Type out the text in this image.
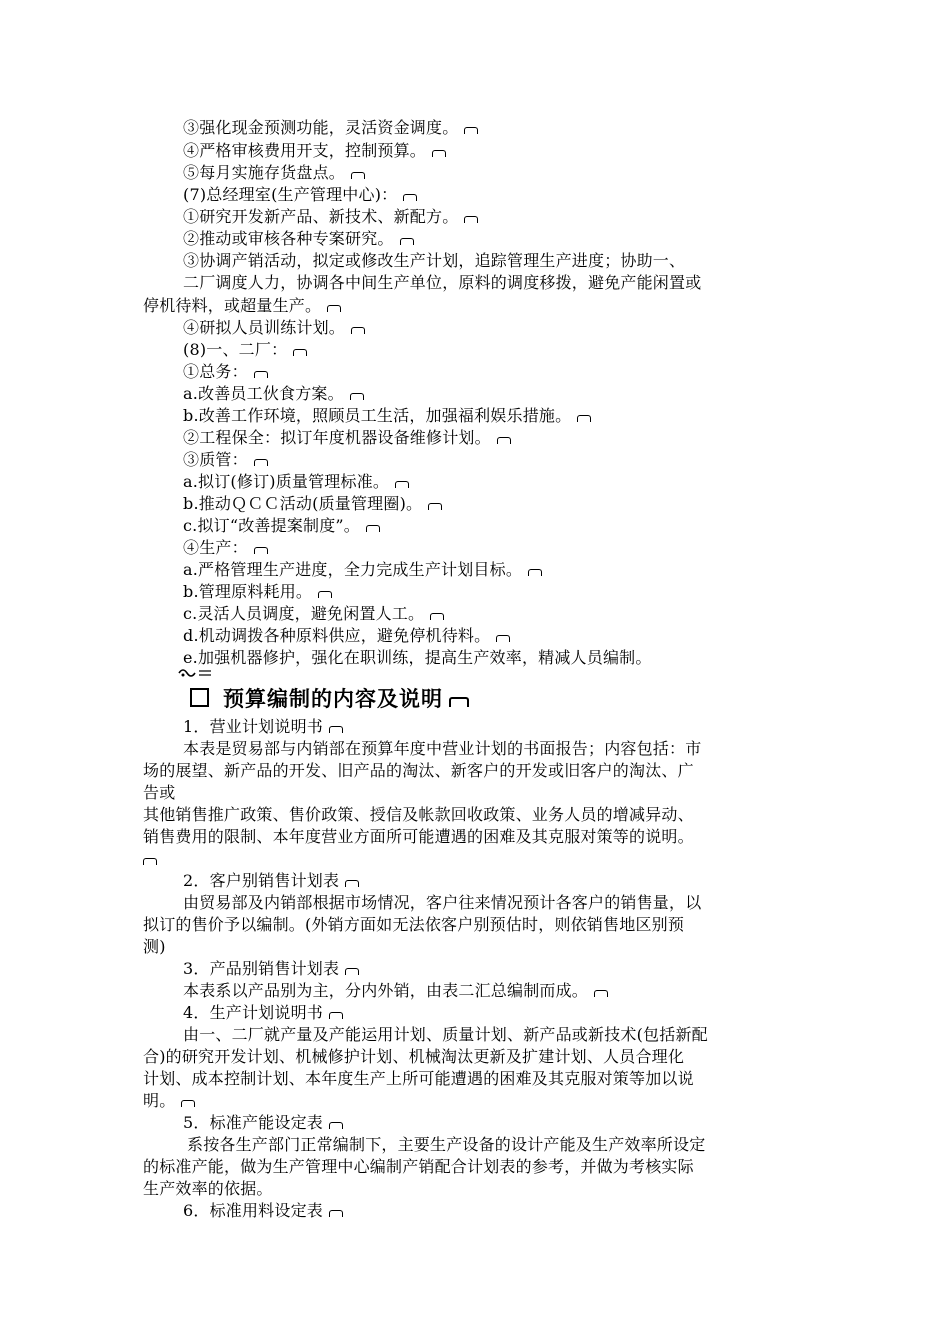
③强化现金预测功能，灵活资金调度。
④严格审核费用开支，控制预算。
⑤每月实施存货盘点。
(7)总经理室(生产管理中心)：
①研究开发新产品、新技术、新配方。
②推动或审核各种专案研究。
③协调产销活动，拟定或修改生产计划，追踪管理生产进度；协助一、
二厂调度人力，协调各中间生产单位，原料的调度移拨，避免产能闲置或
停机待料，或超量生产。
④研拟人员训练计划。
(8)一、二厂：
①总务：
a.改善员工伙食方案。
b.改善工作环境，照顾员工生活，加强福利娱乐措施。
②工程保全：拟订年度机器设备维修计划。
③质管：
a.拟订(修订)质量管理标准。
b.推动ＱＣＣ活动(质量管理圈)。
c.拟订“改善提案制度”。
④生产：
a.严格管理生产进度，全力完成生产计划目标。
b.管理原料耗用。
c.灵活人员调度，避免闲置人工。
d.机动调拨各种原料供应，避免停机待料。
e.加强机器修护，强化在职训练，提高生产效率，精减人员编制。
预算编制的内容及说明
1．营业计划说明书
本表是贸易部与内销部在预算年度中营业计划的书面报告；内容包括：市
场的展望、新产品的开发、旧产品的淘汰、新客户的开发或旧客户的淘汰、广
告或
其他销售推广政策、售价政策、授信及帐款回收政策、业务人员的增减异动、
销售费用的限制、本年度营业方面所可能遭遇的困难及其克服对策等的说明。
2．客户别销售计划表
由贸易部及内销部根据市场情况，客户往来情况预计各客户的销售量，以
拟订的售价予以编制。(外销方面如无法依客户别预估时，则依销售地区别预
测)
3．产品别销售计划表
本表系以产品别为主，分内外销，由表二汇总编制而成。
4．生产计划说明书
由一、二厂就产量及产能运用计划、质量计划、新产品或新技术(包括新配
合)的研究开发计划、机械修护计划、机械淘汰更新及扩建计划、人员合理化
计划、成本控制计划、本年度生产上所可能遭遇的困难及其克服对策等加以说
明。
5．标准产能设定表
系按各生产部门正常编制下，主要生产设备的设计产能及生产效率所设定
的标准产能，做为生产管理中心编制产销配合计划表的参考，并做为考核实际
生产效率的依据。
6．标准用料设定表
